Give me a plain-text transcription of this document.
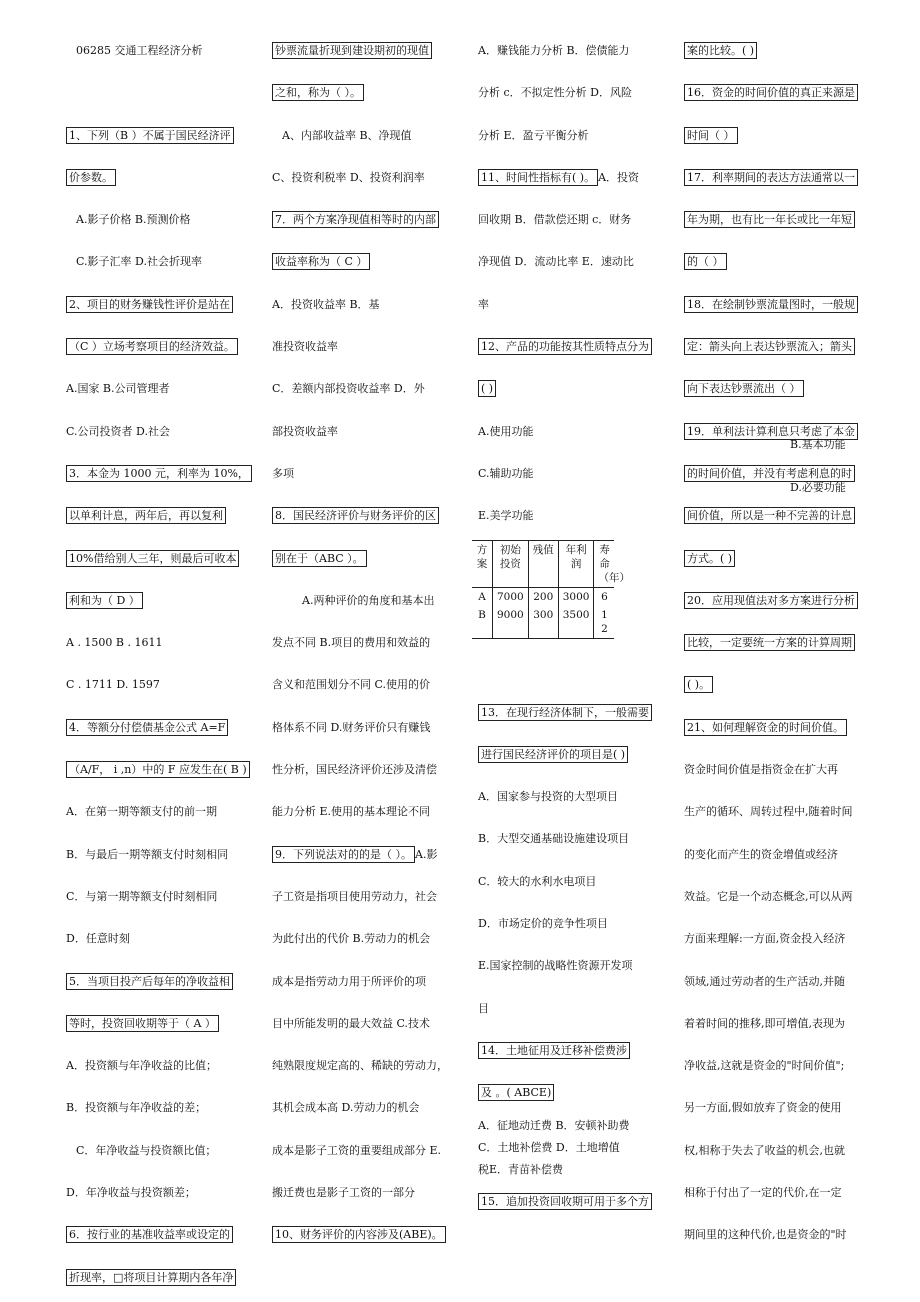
06285 交通工程经济分析
1、下列（B ）不属于国民经济评
价参数。
A.影子价格 B.预测价格
C.影子汇率 D.社会折现率
2、项目的财务赚钱性评价是站在
（C ）立场考察项目的经济效益。
A.国家 B.公司管理者
C.公司投资者 D.社会
3．本金为 1000 元，利率为 10%，
以单利计息，两年后，再以复利
10%借给别人三年，则最后可收本
利和为（ D ）
A . 1500 B . 1611
C . 1711 D. 1597
4．等额分付偿债基金公式 A=F
（A/F， i ,n）中的 F 应发生在( B )
A．在第一期等额支付的前一期
B．与最后一期等额支付时刻相同
C．与第一期等额支付时刻相同
D．任意时刻
5．当项目投产后每年的净收益相
等时，投资回收期等于（ A ）
A．投资额与年净收益的比值；
B．投资额与年净收益的差；
C．年净收益与投资额比值；
D．年净收益与投资额差；
6．按行业的基准收益率或设定的
折现率，□将项目计算期内各年净
钞票流量折现到建设期初的现值
之和，称为（ ）。
A、内部收益率 B、净现值
C、投资利税率 D、投资利润率
7．两个方案净现值相等时的内部
收益率称为（ C ）
A．投资收益率 B．基
准投资收益率
C．差额内部投资收益率 D．外
部投资收益率
多项
8．国民经济评价与财务评价的区
别在于（ABC ）。
A.两种评价的角度和基本出
发点不同 B.项目的费用和效益的
含义和范围划分不同 C.使用的价
格体系不同 D.财务评价只有赚钱
性分析，国民经济评价还涉及清偿
能力分析 E.使用的基本理论不同
9．下列说法对的的是（ ）。 A.影
子工资是指项目使用劳动力，社会
为此付出的代价 B.劳动力的机会
成本是指劳动力用于所评价的项
目中所能发明的最大效益 C.技术
纯熟限度规定高的、稀缺的劳动力，
其机会成本高 D.劳动力的机会
成本是影子工资的重要组成部分 E.
搬迁费也是影子工资的一部分
10、财务评价的内容涉及(ABE)。
A．赚钱能力分析 B．偿债能力
分析 c．不拟定性分析 D．风险
分析 E．盈亏平衡分析
11、时间性指标有( )。 A．投资
回收期 B．借款偿还期 c．财务
净现值 D．流动比率 E．速动比
率
12、产品的功能按其性质特点分为
( )
A.使用功能
C.辅助功能
E.美学功能
方案	初始投资	残值	年利润	寿命（年）
A	7000	200	3000	6
B	9000	300	3500	12
13．在现行经济体制下，一般需要
进行国民经济评价的项目是( )
A．国家参与投资的大型项目
B．大型交通基础设施建设项目
C．较大的水利水电项目
D．市场定价的竞争性项目
E.国家控制的战略性资源开发项
目
14．土地征用及迁移补偿费涉
及 。( ABCE)
A．征地动迁费 B．安顿补助费
C．土地补偿费 D．土地增值
税E．青苗补偿费
15．追加投资回收期可用于多个方
案的比较。( )
16．资金的时间价值的真正来源是
时间（ ）
17．利率期间的表达方法通常以一
年为期，也有比一年长或比一年短
的（ ）
18．在绘制钞票流量图时，一般规
定：箭头向上表达钞票流入；箭头
向下表达钞票流出（ ）
19．单利法计算利息只考虑了本金
的时间价值，并没有考虑利息的时
间价值，所以是一种不完善的计息
方式。( )
20．应用现值法对多方案进行分析
比较，一定要统一方案的计算周期
( )。
21、如何理解资金的时间价值。
资金时间价值是指资金在扩大再
生产的循环、周转过程中,随着时间
的变化而产生的资金增值或经济
效益。它是一个动态概念,可以从两
方面来理解:一方面,资金投入经济
领域,通过劳动者的生产活动,并随
着着时间的推移,即可增值,表现为
净收益,这就是资金的"时间价值";
另一方面,假如放弃了资金的使用
权,相称于失去了收益的机会,也就
相称于付出了一定的代价,在一定
期间里的这种代价,也是资金的"时
B.基本功能
D.必要功能
